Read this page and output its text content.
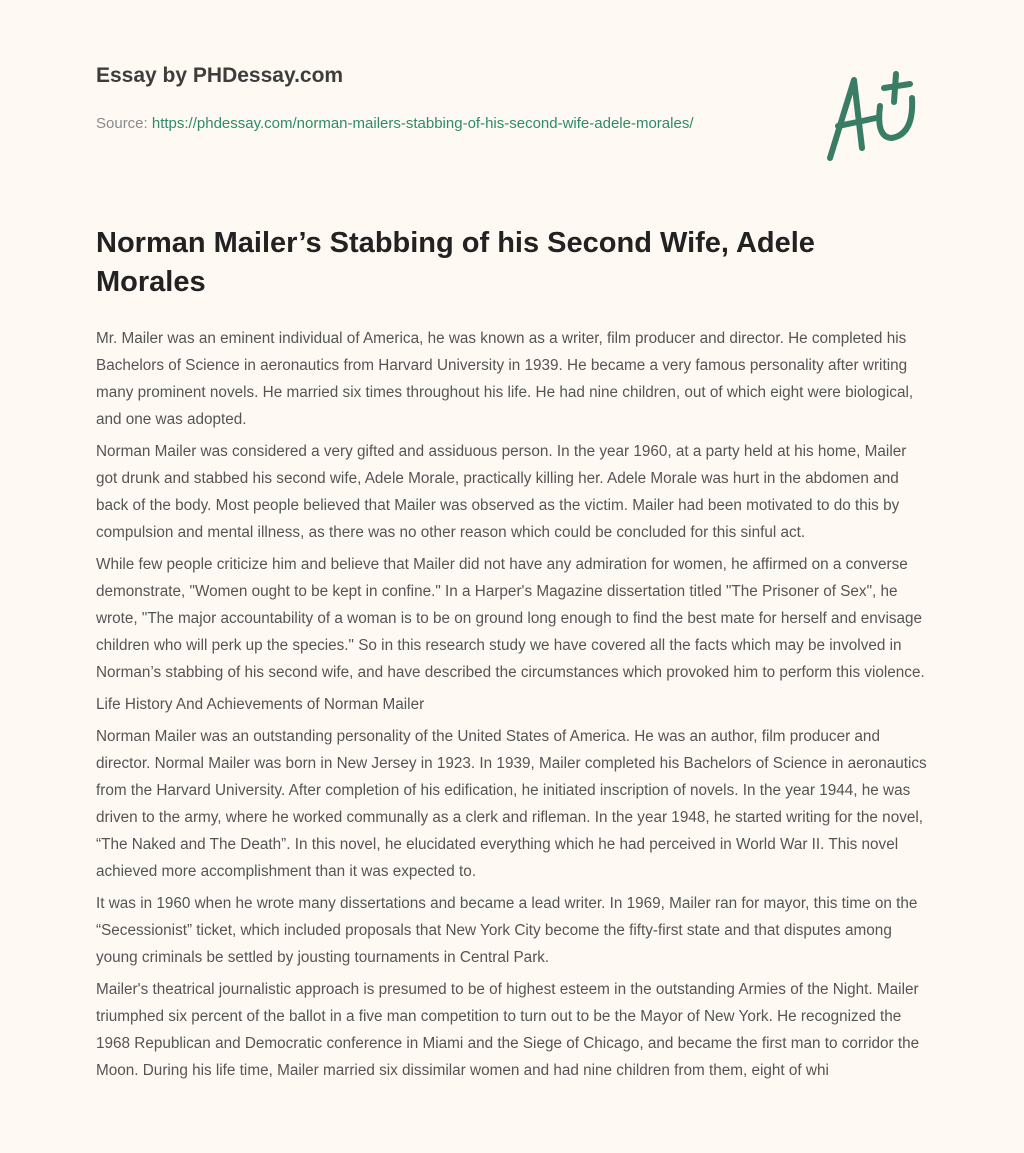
Essay by PHDessay.com
Source: https://phdessay.com/norman-mailers-stabbing-of-his-second-wife-adele-morales/
Norman Mailer’s Stabbing of his Second Wife, Adele Morales

Mr. Mailer was an eminent individual of America, he was known as a writer, film producer and director. He completed his Bachelors of Science in aeronautics from Harvard University in 1939. He became a very famous personality after writing many prominent novels. He married six times throughout his life. He had nine children, out of which eight were biological, and one was adopted.

Norman Mailer was considered a very gifted and assiduous person. In the year 1960, at a party held at his home, Mailer got drunk and stabbed his second wife, Adele Morale, practically killing her. Adele Morale was hurt in the abdomen and back of the body. Most people believed that Mailer was observed as the victim. Mailer had been motivated to do this by compulsion and mental illness, as there was no other reason which could be concluded for this sinful act.

While few people criticize him and believe that Mailer did not have any admiration for women, he affirmed on a converse demonstrate, "Women ought to be kept in confine." In a Harper's Magazine dissertation titled "The Prisoner of Sex", he wrote, "The major accountability of a woman is to be on ground long enough to find the best mate for herself and envisage children who will perk up the species." So in this research study we have covered all the facts which may be involved in Norman’s stabbing of his second wife, and have described the circumstances which provoked him to perform this violence.

Life History And Achievements of Norman Mailer

Norman Mailer was an outstanding personality of the United States of America. He was an author, film producer and director. Normal Mailer was born in New Jersey in 1923. In 1939, Mailer completed his Bachelors of Science in aeronautics from the Harvard University. After completion of his edification, he initiated inscription of novels. In the year 1944, he was driven to the army, where he worked communally as a clerk and rifleman. In the year 1948, he started writing for the novel, “The Naked and The Death”. In this novel, he elucidated everything which he had perceived in World War II. This novel achieved more accomplishment than it was expected to.

It was in 1960 when he wrote many dissertations and became a lead writer. In 1969, Mailer ran for mayor, this time on the “Secessionist” ticket, which included proposals that New York City become the fifty-first state and that disputes among young criminals be settled by jousting tournaments in Central Park.

Mailer's theatrical journalistic approach is presumed to be of highest esteem in the outstanding Armies of the Night. Mailer triumphed six percent of the ballot in a five man competition to turn out to be the Mayor of New York. He recognized the 1968 Republican and Democratic conference in Miami and the Siege of Chicago, and became the first man to corridor the Moon. During his life time, Mailer married six dissimilar women and had nine children from them, eight of whi
